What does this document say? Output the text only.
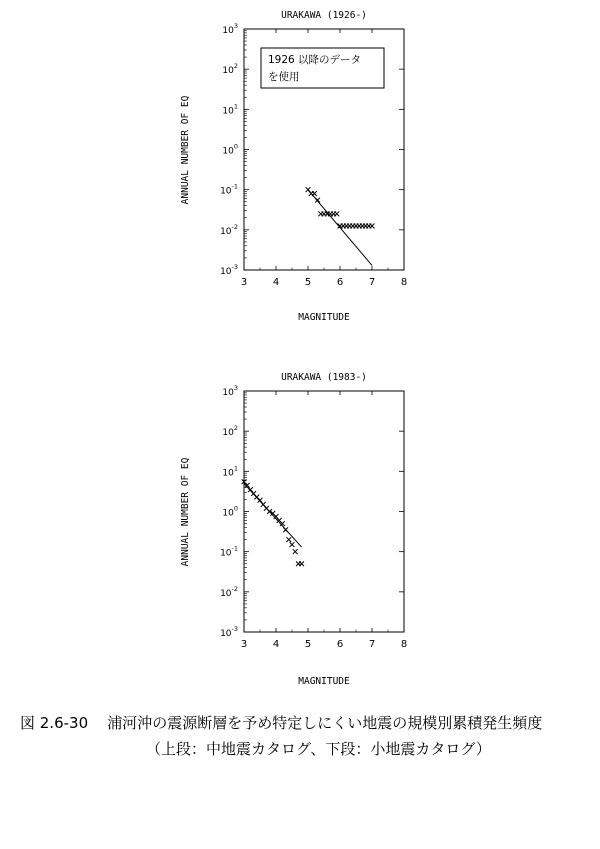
URAKAWA (1926-)
$10^{-3}$
$10^{-2}$
$10^{-1}$
$10^0$
$10^1$
$10^2$
$10^3$
3	4	5	6	7	8
ANNUAL NUMBER OF EQ
MAGNITUDE
1926 以降のデータ
を使用
URAKAWA (1983-)
$10^{-3}$
$10^{-2}$
$10^{-1}$
$10^0$
$10^1$
$10^2$
$10^3$
3	4	5	6	7	8
ANNUAL NUMBER OF EQ
MAGNITUDE
図 2.6-30 浦河沖の震源断層を予め特定しにくい地震の規模別累積発生頻度
（上段：中地震カタログ、下段：小地震カタログ）
